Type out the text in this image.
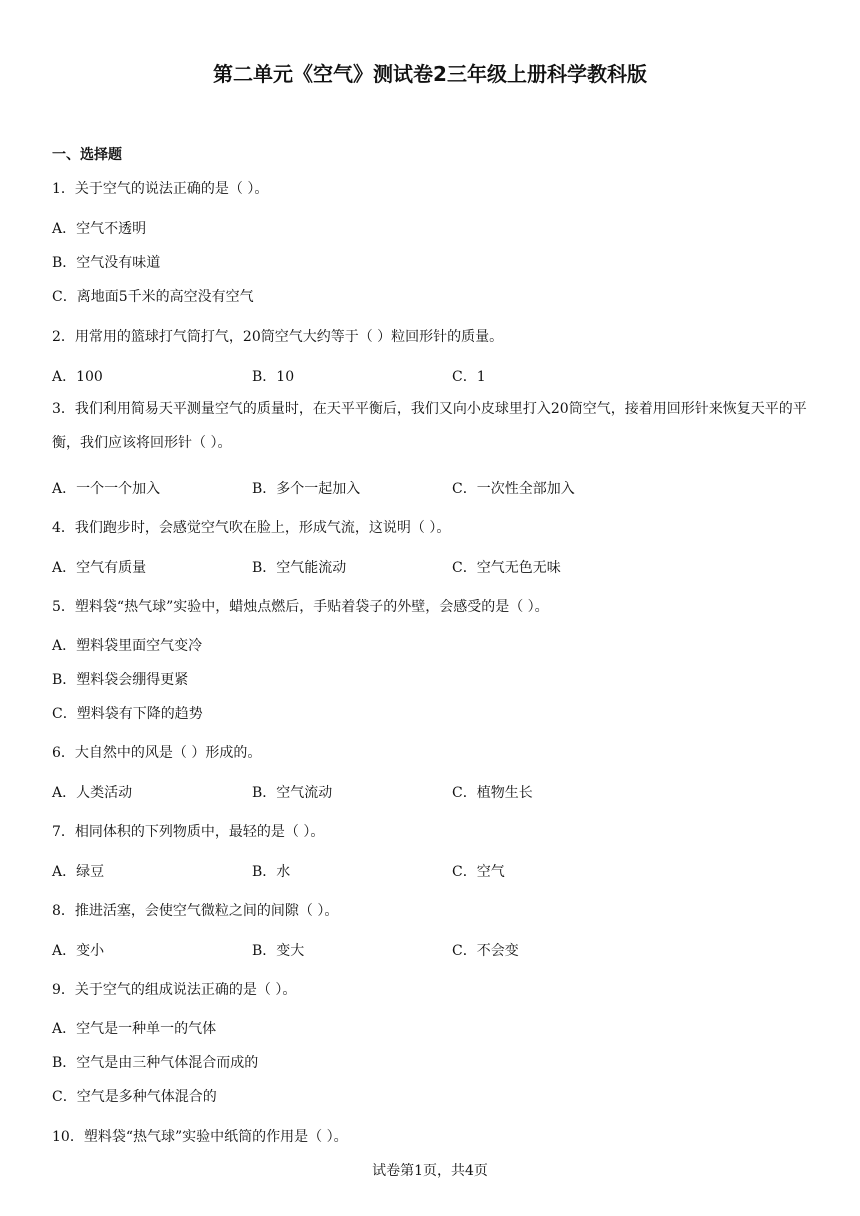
第二单元《空气》测试卷2三年级上册科学教科版
一、选择题
1．关于空气的说法正确的是（ ）。
A．空气不透明
B．空气没有味道
C．离地面5千米的高空没有空气
2．用常用的篮球打气筒打气，20筒空气大约等于（ ）粒回形针的质量。
A．100	B．10	C．1
3．我们利用简易天平测量空气的质量时，在天平平衡后，我们又向小皮球里打入20筒空气，接着用回形针来恢复天平的平衡，我们应该将回形针（ ）。
A．一个一个加入	B．多个一起加入	C．一次性全部加入
4．我们跑步时，会感觉空气吹在脸上，形成气流，这说明（ ）。
A．空气有质量	B．空气能流动	C．空气无色无味
5．塑料袋“热气球”实验中，蜡烛点燃后，手贴着袋子的外壁，会感受的是（ ）。
A．塑料袋里面空气变冷
B．塑料袋会绷得更紧
C．塑料袋有下降的趋势
6．大自然中的风是（ ）形成的。
A．人类活动	B．空气流动	C．植物生长
7．相同体积的下列物质中，最轻的是（ ）。
A．绿豆	B．水	C．空气
8．推进活塞，会使空气微粒之间的间隙（ ）。
A．变小	B．变大	C．不会变
9．关于空气的组成说法正确的是（ ）。
A．空气是一种单一的气体
B．空气是由三种气体混合而成的
C．空气是多种气体混合的
10．塑料袋“热气球”实验中纸筒的作用是（ ）。
试卷第1页，共4页
